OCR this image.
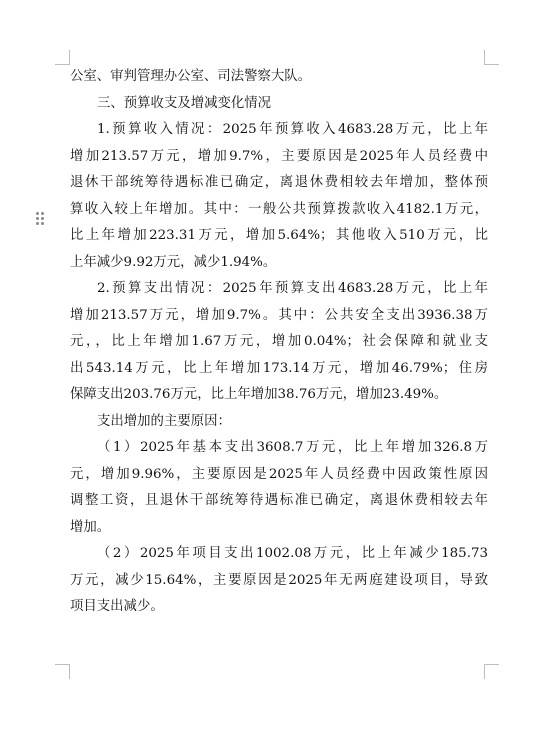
公室、审判管理办公室、司法警察大队。
三、预算收支及增减变化情况
1.预算收入情况：2025年预算收入4683.28万元，比上年
增加213.57万元，增加9.7%，主要原因是2025年人员经费中
退休干部统筹待遇标准已确定，离退休费相较去年增加，整体预
算收入较上年增加。其中：一般公共预算拨款收入4182.1万元，
比上年增加223.31万元，增加5.64%；其他收入510万元，比
上年减少9.92万元，减少1.94%。
2.预算支出情况：2025年预算支出4683.28万元，比上年
增加213.57万元，增加9.7%。其中：公共安全支出3936.38万
元，，比上年增加1.67万元，增加0.04%；社会保障和就业支
出543.14万元，比上年增加173.14万元，增加46.79%；住房
保障支出203.76万元，比上年增加38.76万元，增加23.49%。
支出增加的主要原因：
（1）2025年基本支出3608.7万元，比上年增加326.8万
元，增加9.96%，主要原因是2025年人员经费中因政策性原因
调整工资，且退休干部统筹待遇标准已确定，离退休费相较去年
增加。
（2）2025年项目支出1002.08万元，比上年减少185.73
万元，减少15.64%，主要原因是2025年无两庭建设项目，导致
项目支出减少。
